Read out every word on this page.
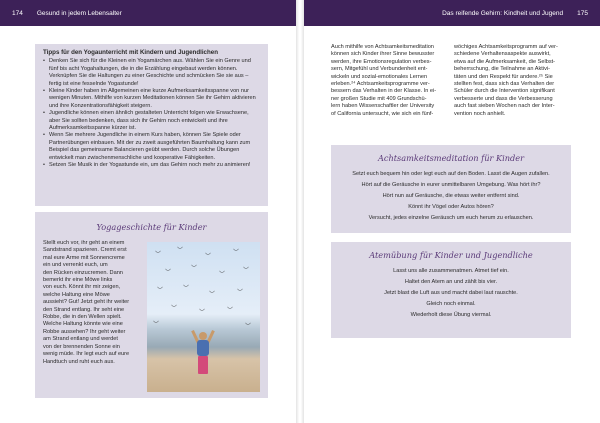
174 Gesund in jedem Lebensalter	Das reifende Gehirn: Kindheit und Jugend 175
Tipps für den Yogaunterricht mit Kindern und Jugendlichen
• Denken Sie sich für die Kleinen ein Yogamärchen aus. Wählen Sie ein Genre und fünf bis acht Yogahaltungen, die in die Erzählung eingebaut werden können. Verknüpfen Sie die Haltungen zu einer Geschichte und schmücken Sie sie aus – fertig ist eine fesselnde Yogastunde!
• Kleine Kinder haben im Allgemeinen eine kurze Aufmerksamkeitsspanne von nur wenigen Minuten. Mithilfe von kurzen Meditationen können Sie ihr Gehirn aktivieren und ihre Konzentrationsfähigkeit steigern.
• Jugendliche können einen ähnlich gestalteten Unterricht folgen wie Erwachsene, aber Sie sollten bedenken, dass sich ihr Gehirn noch entwickelt und ihre Aufmerksamkeitsspanne kürzer ist.
• Wenn Sie mehrere Jugendliche in einem Kurs haben, können Sie Spiele oder Partnerübungen einbauen. Mit der zu zweit ausgeführten Baumhaltung kann zum Beispiel das gemeinsame Balancieren geübt werden. Durch solche Übungen entwickelt man zwischenmenschliche und kooperative Fähigkeiten.
• Setzen Sie Musik in der Yogastunde ein, um das Gehirn noch mehr zu animieren!
Yogageschichte für Kinder
Stellt euch vor, ihr geht an einem
Sandstrand spazieren. Cremt erst
mal eure Arme mit Sonnencreme
ein und verrenkt euch, um
den Rücken einzucremen. Dann
bemerkt ihr eine Möwe links
von euch. Könnt ihr mir zeigen,
welche Haltung eine Möwe
aussieht? Gut! Jetzt geht ihr weiter
den Strand entlang. Ihr seht eine
Robbe, die in den Wellen spielt.
Welche Haltung könnte wie eine
Robbe aussehen? Ihr geht weiter
am Strand entlang und werdet
von der brennenden Sonne ein
wenig müde. Ihr legt euch auf eure
Handtuch und ruht euch aus.
︶
︶
︶
︶
︶
︶
︶
︶
︶	︶
︶	︶
︶
︶	︶
︶	︶
Auch mithilfe von Achtsamkeitsmeditation
können sich Kinder ihrer Sinne bewusster
werden, ihre Emotionsregulation verbes-
sern, Mitgefühl und Verbundenheit ent-
wickeln und sozial-emotionales Lernen
erleben.²⁴ Achtsamkeitsprogramme ver-
bessern das Verhalten in der Klasse. In ei-
ner großen Studie mit 409 Grundschü-
lern haben Wissenschaftler der University
of California untersucht, wie sich ein fünf-
wöchiges Achtsamkeitsprogramm auf ver-
schiedene Verhaltensaspekte auswirkt,
etwa auf die Aufmerksamkeit, die Selbst-
beherrschung, die Teilnahme an Aktivi-
täten und den Respekt für andere.²⁵ Sie
stellten fest, dass sich das Verhalten der
Schüler durch die Intervention signifikant
verbesserte und dass die Verbesserung
auch fast sieben Wochen nach der Inter-
vention noch anhielt.
Achtsamkeitsmeditation für Kinder
Setzt euch bequem hin oder legt euch auf den Boden. Lasst die Augen zufallen.
Hört auf die Geräusche in eurer unmittelbaren Umgebung. Was hört ihr?
Hört nun auf Geräusche, die etwas weiter entfernt sind.
Könnt ihr Vögel oder Autos hören?
Versucht, jedes einzelne Geräusch um euch herum zu erlauschen.
Atemübung für Kinder und Jugendliche
Lasst uns alle zusammenatmen. Atmet tief ein.
Haltet den Atem an und zählt bis vier.
Jetzt blast die Luft aus und macht dabei laut rauschte.
Gleich noch einmal.
Wiederholt diese Übung viermal.
